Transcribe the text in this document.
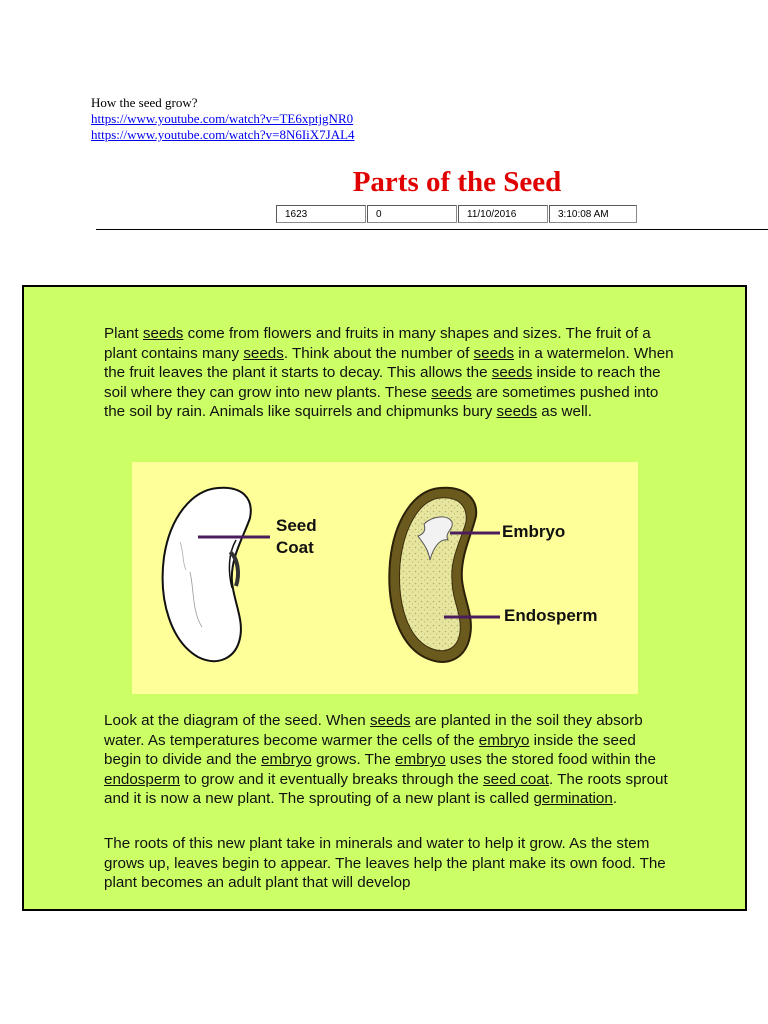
How the seed grow?
https://www.youtube.com/watch?v=TE6xptjgNR0
https://www.youtube.com/watch?v=8N6IiX7JAL4
Parts of the Seed
1623	0	11/10/2016	3:10:08 AM
Plant seeds come from flowers and fruits in many shapes and sizes. The fruit of a plant contains many seeds. Think about the number of seeds in a watermelon. When the fruit leaves the plant it starts to decay. This allows the seeds inside to reach the soil where they can grow into new plants. These seeds are sometimes pushed into the soil by rain. Animals like squirrels and chipmunks bury seeds as well.
Seed
Coat
Embryo
Endosperm
Look at the diagram of the seed. When seeds are planted in the soil they absorb water. As temperatures become warmer the cells of the embryo inside the seed begin to divide and the embryo grows. The embryo uses the stored food within the endosperm to grow and it eventually breaks through the seed coat. The roots sprout and it is now a new plant. The sprouting of a new plant is called germination.
The roots of this new plant take in minerals and water to help it grow. As the stem grows up, leaves begin to appear. The leaves help the plant make its own food. The plant becomes an adult plant that will develop
